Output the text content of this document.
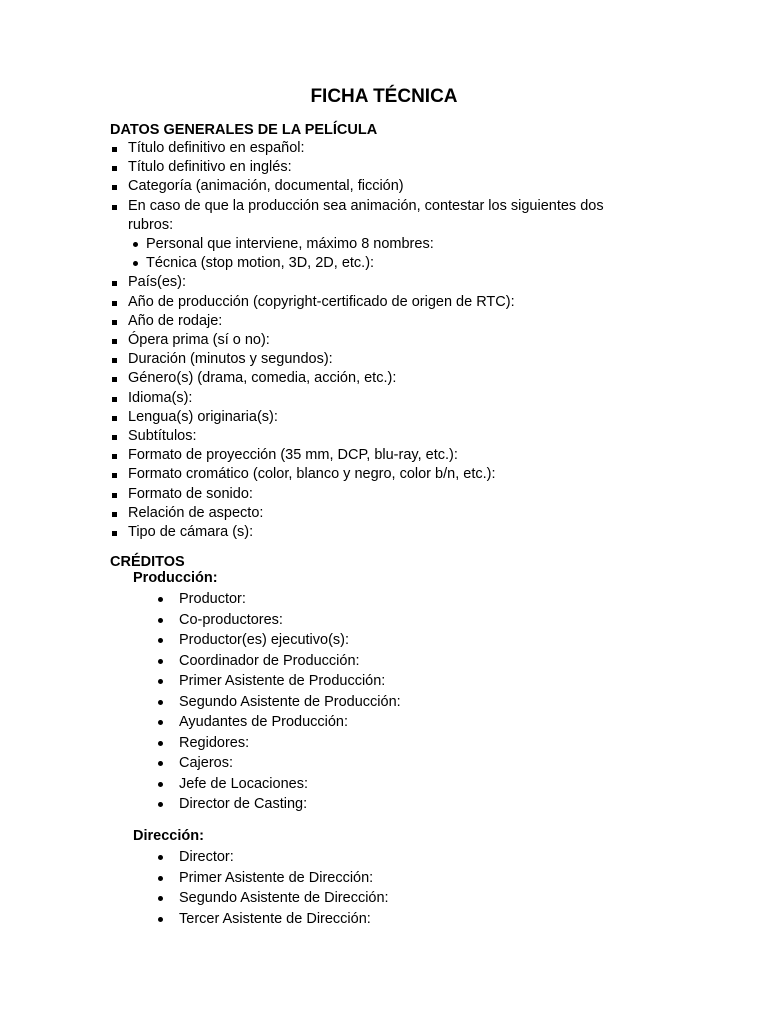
FICHA TÉCNICA
DATOS GENERALES DE LA PELÍCULA
Título definitivo en español:
Título definitivo en inglés:
Categoría (animación, documental, ficción)
En caso de que la producción sea animación, contestar los siguientes dos rubros:
Personal que interviene, máximo 8 nombres:
Técnica (stop motion, 3D, 2D, etc.):
País(es):
Año de producción (copyright-certificado de origen de RTC):
Año de rodaje:
Ópera prima (sí o no):
Duración (minutos y segundos):
Género(s) (drama, comedia, acción, etc.):
Idioma(s):
Lengua(s) originaria(s):
Subtítulos:
Formato de proyección (35 mm, DCP, blu-ray, etc.):
Formato cromático (color, blanco y negro, color b/n, etc.):
Formato de sonido:
Relación de aspecto:
Tipo de cámara (s):
CRÉDITOS
Producción:
Productor:
Co-productores:
Productor(es) ejecutivo(s):
Coordinador de Producción:
Primer Asistente de Producción:
Segundo Asistente de Producción:
Ayudantes de Producción:
Regidores:
Cajeros:
Jefe de Locaciones:
Director de Casting:
Dirección:
Director:
Primer Asistente de Dirección:
Segundo Asistente de Dirección:
Tercer Asistente de Dirección:
